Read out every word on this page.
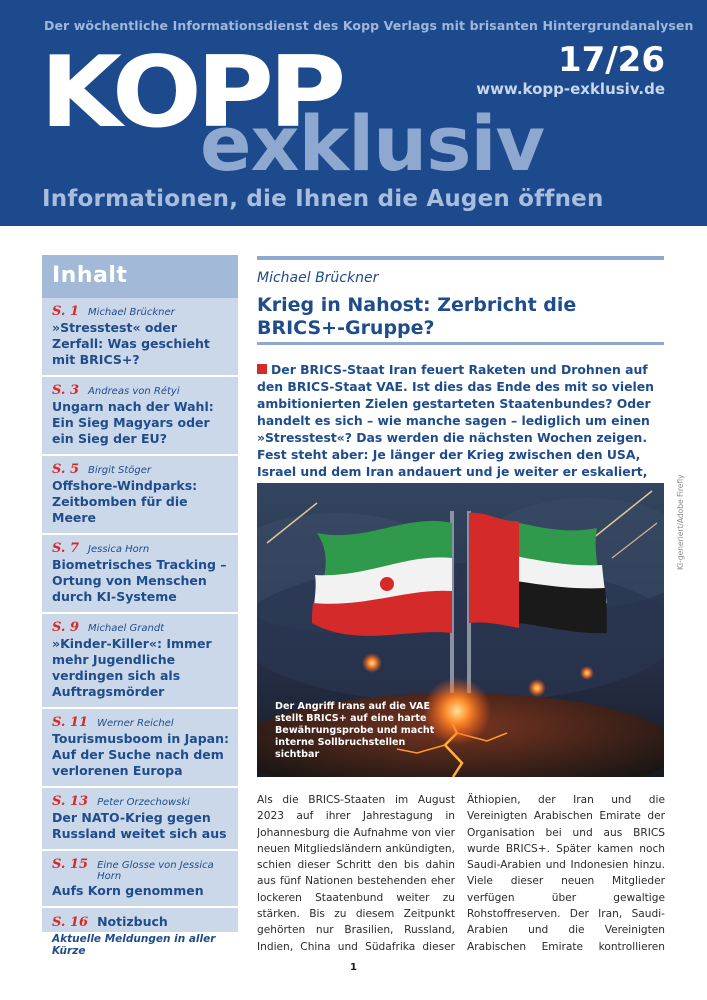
Der wöchentliche Informationsdienst des Kopp Verlags mit brisanten Hintergrundanalysen
KOPP
exklusiv
17/26
www.kopp-exklusiv.de
Informationen, die Ihnen die Augen öffnen
Inhalt
S. 1 Michael Brückner
»Stresstest« oder Zerfall: Was geschieht mit BRICS+?
S. 3 Andreas von Rétyi
Ungarn nach der Wahl: Ein Sieg Magyars oder ein Sieg der EU?
S. 5 Birgit Stöger
Offshore-Windparks: Zeitbomben für die Meere
S. 7 Jessica Horn
Biometrisches Tracking – Ortung von Menschen durch KI-Systeme
S. 9 Michael Grandt
»Kinder-Killer«: Immer mehr Jugendliche verdingen sich als Auftragsmörder
S. 11 Werner Reichel
Tourismusboom in Japan: Auf der Suche nach dem verlorenen Europa
S. 13 Peter Orzechowski
Der NATO-Krieg gegen Russland weitet sich aus
S. 15 Eine Glosse von Jessica Horn
Aufs Korn genommen
S. 16 Notizbuch
Aktuelle Meldungen in aller Kürze
Michael Brückner
Krieg in Nahost: Zerbricht die BRICS+-Gruppe?
Der BRICS-Staat Iran feuert Raketen und Drohnen auf den BRICS-Staat VAE. Ist dies das Ende des mit so vielen ambitionierten Zielen gestarteten Staatenbundes? Oder handelt es sich – wie manche sagen – lediglich um einen »Stresstest«? Das werden die nächsten Wochen zeigen. Fest steht aber: Je länger der Krieg zwischen den USA, Israel und dem Iran andauert und je weiter er eskaliert,
Der Angriff Irans auf die VAE stellt BRICS+ auf eine harte Bewährungsprobe und macht interne Sollbruchstellen sichtbar
KI-generiert/Adobe Firefly
Als die BRICS-Staaten im August 2023 auf ihrer Jahrestagung in Johannesburg die Aufnahme von vier neuen Mitgliedsländern ankündigten, schien dieser Schritt den bis dahin aus fünf Nationen bestehenden eher lockeren Staatenbund weiter zu stärken. Bis zu diesem Zeitpunkt gehörten nur Brasilien, Russland, Indien, China und Südafrika dieser
Äthiopien, der Iran und die Vereinigten Arabischen Emirate der Organisation bei und aus BRICS wurde BRICS+. Später kamen noch Saudi-Arabien und Indonesien hinzu. Viele dieser neuen Mitglieder verfügen über gewaltige Rohstoffreserven. Der Iran, Saudi-Arabien und die Vereinigten Arabischen Emirate kontrollieren
1
